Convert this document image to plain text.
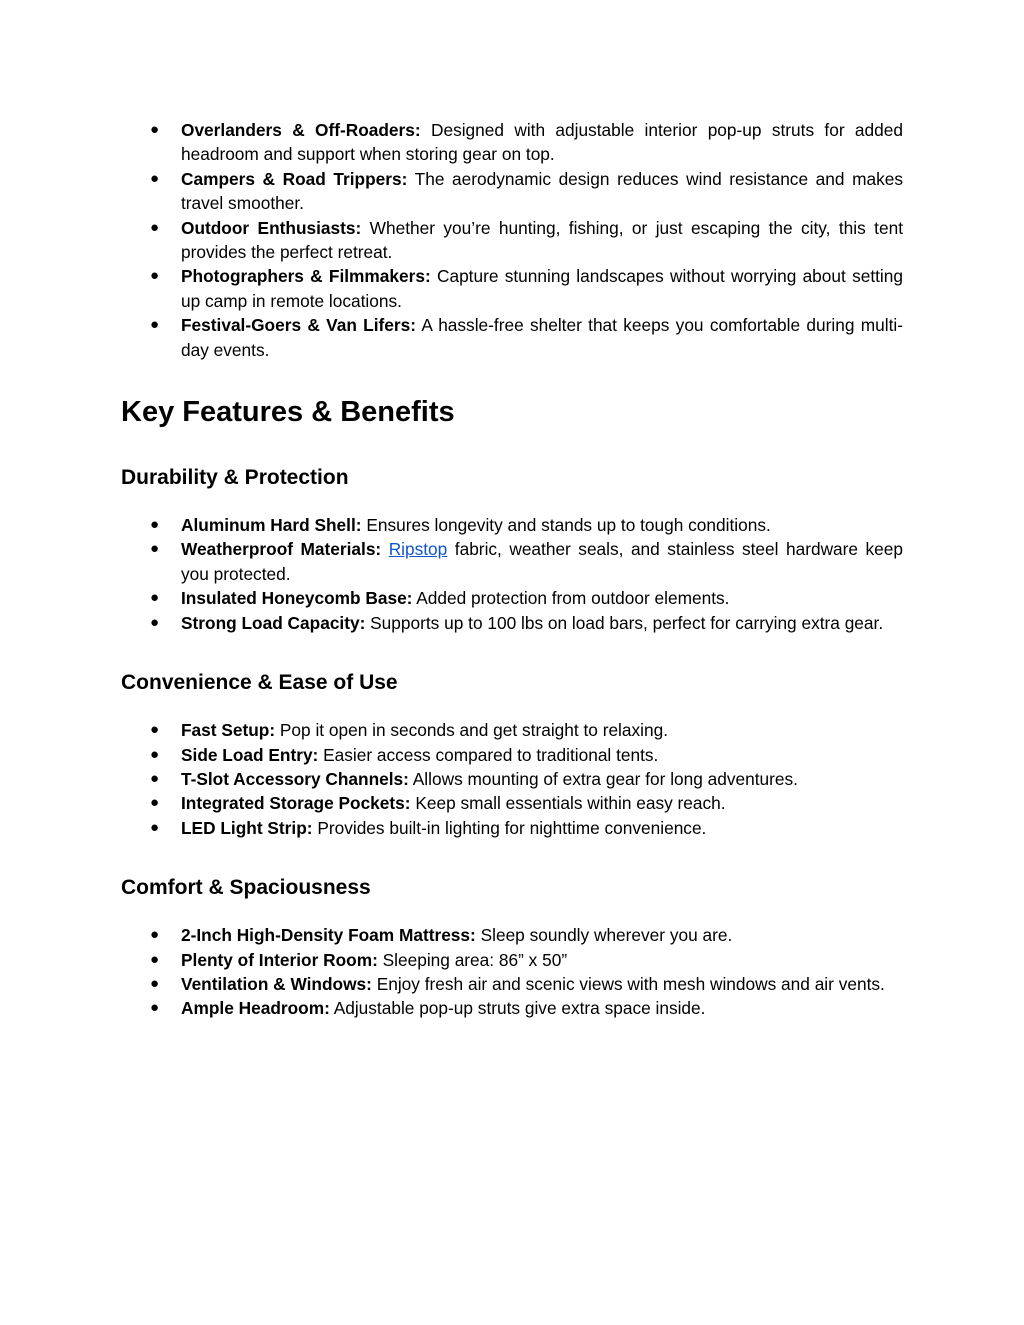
● Overlanders & Off-Roaders: Designed with adjustable interior pop-up struts for added headroom and support when storing gear on top.
● Campers & Road Trippers: The aerodynamic design reduces wind resistance and makes travel smoother.
● Outdoor Enthusiasts: Whether you’re hunting, fishing, or just escaping the city, this tent provides the perfect retreat.
● Photographers & Filmmakers: Capture stunning landscapes without worrying about setting up camp in remote locations.
● Festival-Goers & Van Lifers: A hassle-free shelter that keeps you comfortable during multi-day events.
Key Features & Benefits
Durability & Protection
● Aluminum Hard Shell: Ensures longevity and stands up to tough conditions.
● Weatherproof Materials: Ripstop fabric, weather seals, and stainless steel hardware keep you protected.
● Insulated Honeycomb Base: Added protection from outdoor elements.
● Strong Load Capacity: Supports up to 100 lbs on load bars, perfect for carrying extra gear.
Convenience & Ease of Use
● Fast Setup: Pop it open in seconds and get straight to relaxing.
● Side Load Entry: Easier access compared to traditional tents.
● T-Slot Accessory Channels: Allows mounting of extra gear for long adventures.
● Integrated Storage Pockets: Keep small essentials within easy reach.
● LED Light Strip: Provides built-in lighting for nighttime convenience.
Comfort & Spaciousness
● 2-Inch High-Density Foam Mattress: Sleep soundly wherever you are.
● Plenty of Interior Room: Sleeping area: 86” x 50”
● Ventilation & Windows: Enjoy fresh air and scenic views with mesh windows and air vents.
● Ample Headroom: Adjustable pop-up struts give extra space inside.
